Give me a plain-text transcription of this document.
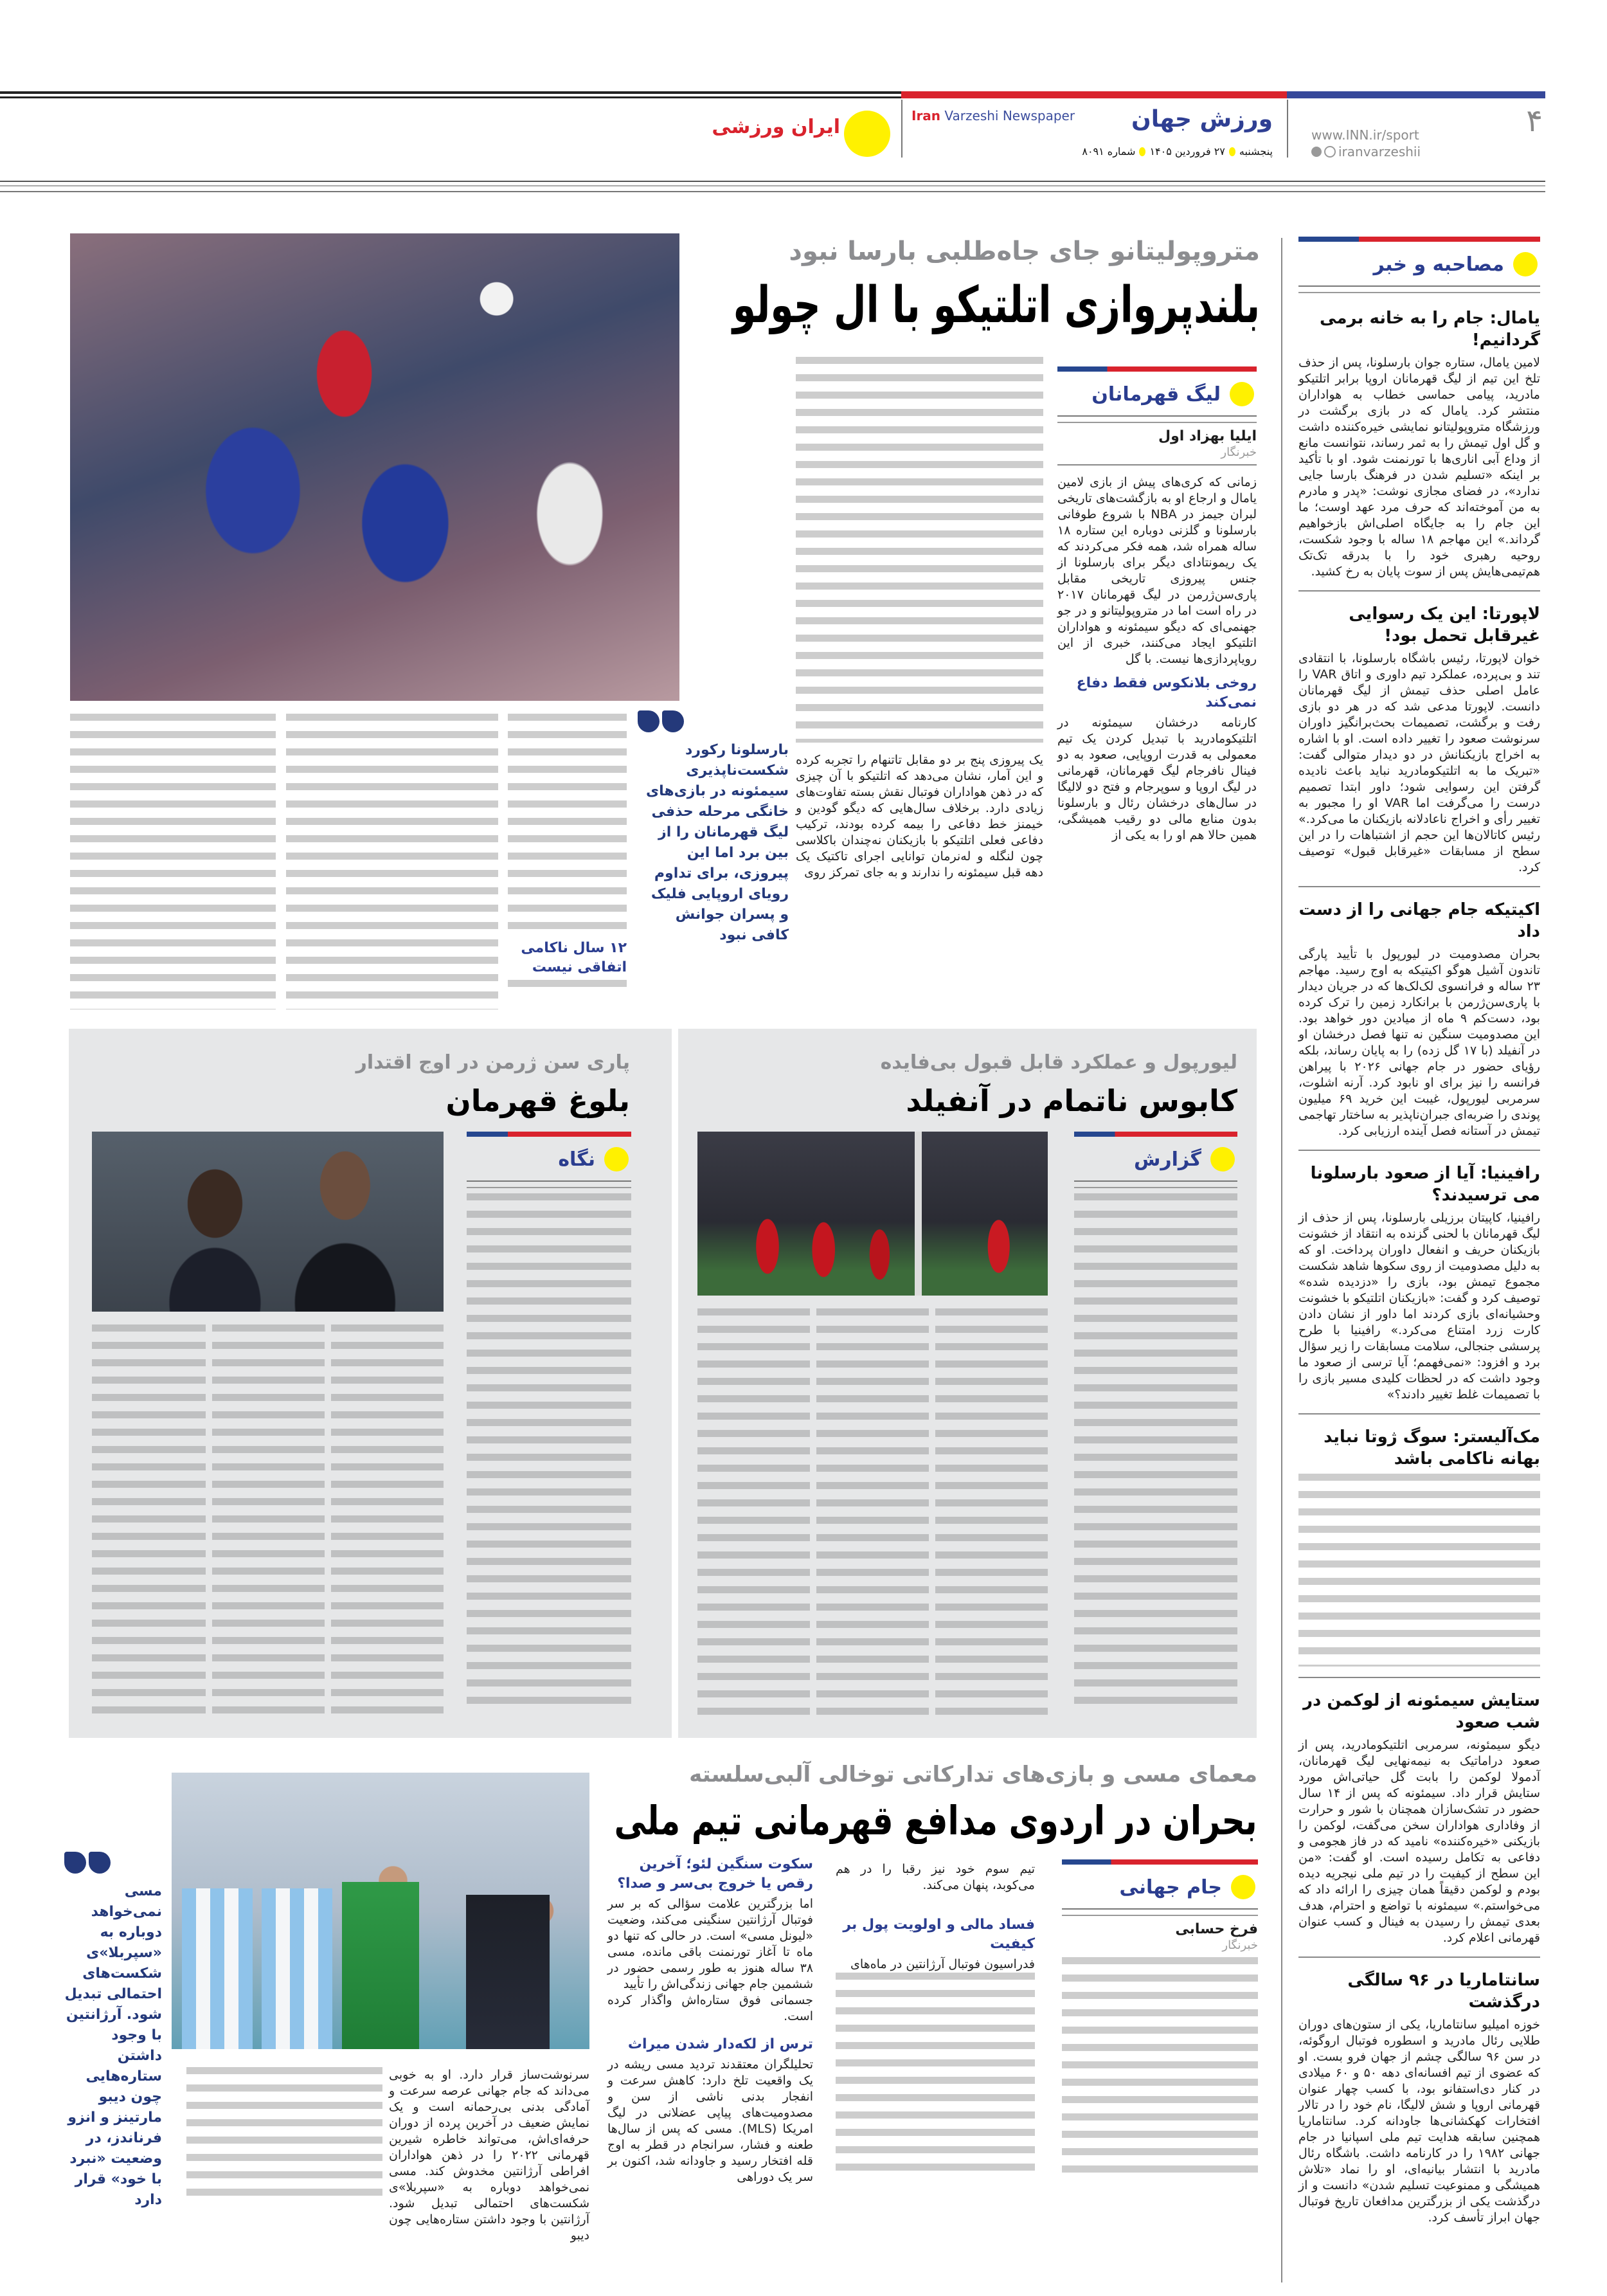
۴
www.INN.ir/sport
iranvarzeshii
ورزش جهان
پنجشنبه
۲۷ فروردین ۱۴۰۵
شماره ۸۰۹۱
Iran Varzeshi Newspaper
ایران ورزشی
مصاحبه و خبر
یامال: جام را به خانه برمی گردانیم!

لامین یامال، ستاره جوان بارسلونا، پس از حذف تلخ این تیم از لیگ قهرمانان اروپا برابر اتلتیکو مادرید، پیامی حماسی خطاب به هواداران منتشر کرد. یامال که در بازی برگشت در ورزشگاه متروپولیتانو نمایشی خیره‌کننده داشت و گل اول تیمش را به ثمر رساند، نتوانست مانع از وداع آبی اناری‌ها با تورنمنت شود. او با تأکید بر اینکه «تسلیم شدن در فرهنگ بارسا جایی ندارد»، در فضای مجازی نوشت: «پدر و مادرم به من آموخته‌اند که حرف مرد عهد اوست؛ ما این جام را به جایگاه اصلی‌اش بازخواهیم گرداند.» این مهاجم ۱۸ ساله با وجود شکست، روحیه رهبری خود را با بدرقه تک‌تک هم‌تیمی‌هایش پس از سوت پایان به رخ کشید.

لاپورتا: این یک رسوایی غیرقابل تحمل بود!

خوان لاپورتا، رئیس باشگاه بارسلونا، با انتقادی تند و بی‌پرده، عملکرد تیم داوری و اتاق VAR را عامل اصلی حذف تیمش از لیگ قهرمانان دانست. لاپورتا مدعی شد که در هر دو بازی رفت و برگشت، تصمیمات بحث‌برانگیز داوران سرنوشت صعود را تغییر داده است. او با اشاره به اخراج بازیکنانش در دو دیدار متوالی گفت: «تبریک ما به اتلتیکومادرید نباید باعث نادیده گرفتن این رسوایی شود؛ داور ابتدا تصمیم درست را می‌گرفت اما VAR او را مجبور به تغییر رأی و اخراج ناعادلانه بازیکنان ما می‌کرد.» رئیس کاتالان‌ها این حجم از اشتباهات را در این سطح از مسابقات «غیرقابل قبول» توصیف کرد.

اکیتیکه جام جهانی را از دست داد

بحران مصدومیت در لیورپول با تأیید پارگی تاندون آشیل هوگو اکیتیکه به اوج رسید. مهاجم ۲۳ ساله و فرانسوی لک‌لک‌ها که در جریان دیدار با پاری‌سن‌ژرمن با برانکارد زمین را ترک کرده بود، دست‌کم ۹ ماه از میادین دور خواهد بود. این مصدومیت سنگین نه تنها فصل درخشان او در آنفیلد (با ۱۷ گل زده) را به پایان رساند، بلکه رؤیای حضور در جام جهانی ۲۰۲۶ با پیراهن فرانسه را نیز برای او نابود کرد. آرنه اشلوت، سرمربی لیورپول، غیبت این خرید ۶۹ میلیون پوندی را ضربه‌ای جبران‌ناپذیر به ساختار تهاجمی تیمش در آستانه فصل آینده ارزیابی کرد.

رافینیا: آیا از صعود بارسلونا می ترسیدند؟

رافینیا، کاپیتان برزیلی بارسلونا، پس از حذف از لیگ قهرمانان با لحنی گزنده به انتقاد از خشونت بازیکنان حریف و انفعال داوران پرداخت. او که به دلیل مصدومیت از روی سکوها شاهد شکست مجموع تیمش بود، بازی را «دزدیده شده» توصیف کرد و گفت: «بازیکنان اتلتیکو با خشونت وحشیانه‌ای بازی کردند اما داور از نشان دادن کارت زرد امتناع می‌کرد.» رافینیا با طرح پرسشی جنجالی، سلامت مسابقات را زیر سؤال برد و افزود: «نمی‌فهمم؛ آیا ترسی از صعود ما وجود داشت که در لحظات کلیدی مسیر بازی را با تصمیمات غلط تغییر دادند؟»

مک‌آلیستر: سوگ ژوتا نباید بهانه ناکامی باشد
ستایش سیمئونه از لوکمن در شب صعود

دیگو سیمئونه، سرمربی اتلتیکومادرید، پس از صعود دراماتیک به نیمه‌نهایی لیگ قهرمانان، آدمولا لوکمن را بابت گل حیاتی‌اش مورد ستایش قرار داد. سیمئونه که پس از ۱۴ سال حضور در تشک‌سازان همچنان با شور و حرارت از وفاداری هواداران سخن می‌گفت، لوکمن را بازیکنی «خیره‌کننده» نامید که در فاز هجومی و دفاعی به تکامل رسیده است. او گفت: «من این سطح از کیفیت را در تیم ملی نیجریه دیده بودم و لوکمن دقیقاً همان چیزی را ارائه داد که می‌خواستم.» سیمئونه با تواضع و احترام، هدف بعدی تیمش را رسیدن به فینال و کسب عنوان قهرمانی اعلام کرد.

سانتاماریا در ۹۶ سالگی درگذشت

خوزه امیلیو سانتاماریا، یکی از ستون‌های دوران طلایی رئال مادرید و اسطوره فوتبال اروگوئه، در سن ۹۶ سالگی چشم از جهان فرو بست. او که عضوی از تیم افسانه‌ای دهه ۵۰ و ۶۰ میلادی در کنار دی‌استفانو بود، با کسب چهار عنوان قهرمانی اروپا و شش لالیگا، نام خود را در تالار افتخارات کهکشانی‌ها جاودانه کرد. سانتاماریا همچنین سابقه هدایت تیم ملی اسپانیا در جام جهانی ۱۹۸۲ را در کارنامه داشت. باشگاه رئال مادرید با انتشار بیانیه‌ای، او را نماد «تلاش همیشگی و ممنوعیت تسلیم شدن» دانست و از درگذشت یکی از بزرگترین مدافعان تاریخ فوتبال جهان ابراز تأسف کرد.

متروپولیتانو جای جاه‌طلبی بارسا نبود
بلندپروازی اتلتیکو با ال چولو
لیگ قهرمانان
ایلیا بهزاد اول
خبرنگار

زمانی که کری‌های پیش از بازی لامین یامال و ارجاع او به بازگشت‌های تاریخی لبران جیمز در NBA با شروع طوفانی بارسلونا و گلزنی دوباره این ستاره ۱۸ ساله همراه شد، همه فکر می‌کردند که یک ریمونتادای دیگر برای بارسلونا از جنس پیروزی تاریخی مقابل پاری‌سن‌ژرمن در لیگ قهرمانان ۲۰۱۷ در راه است اما در متروپولیتانو و در جو جهنمی‌ای که دیگو سیمئونه و هواداران اتلتیکو ایجاد می‌کنند، خبری از این رویاپردازی‌ها نیست. با گل

روخی بلانکوس فقط دفاع نمی‌کند

کارنامه درخشان سیمئونه در اتلتیکومادرید با تبدیل کردن یک تیم معمولی به قدرت اروپایی، صعود به دو فینال نافرجام لیگ قهرمانان، قهرمانی در لیگ اروپا و سوپرجام و فتح دو لالیگا در سال‌های درخشان رئال و بارسلونا بدون منابع مالی دو رقیب همیشگی، همین حالا هم او را به یکی از

یک پیروزی پنج بر دو مقابل تاتنهام را تجربه کرده و این آمار، نشان می‌دهد که اتلتیکو با آن چیزی که در ذهن هواداران فوتبال نقش بسته تفاوت‌های زیادی دارد. برخلاف سال‌هایی که دیگو گودین و خیمنز خط دفاعی را بیمه کرده بودند، ترکیب دفاعی فعلی اتلتیکو با بازیکنان نه‌چندان باکلاسی چون لنگله و له‌نرمان توانایی اجرای تاکتیک یک دهه قبل سیمئونه را ندارند و به جای تمرکز روی

بارسلونا رکورد شکست‌ناپذیری سیمئونه در بازی‌های خانگی مرحله حذفی لیگ قهرمانان را از بین برد اما این پیروزی، برای تداوم رویای اروپایی فلیک و پسران جوانش کافی نبود
۱۲ سال ناکامی اتفاقی نیست
پاری سن ژرمن در اوج اقتدار
بلوغ قهرمان
نگاه
لیورپول و عملکرد قابل قبول بی‌فایده
کابوس ناتمام در آنفیلد
گزارش
معمای مسی و بازی‌های تدارکاتی توخالی آلبی‌سلسته
بحران در اردوی مدافع قهرمانی تیم ملی
جام جهانی
فرخ حسابی
خبرنگار

تیم سوم خود نیز رقبا را در هم می‌کوبد، پنهان می‌کند.

فساد مالی و اولویت پول بر کیفیت

فدراسیون فوتبال آرژانتین در ماه‌های

سکوت سنگین لئو؛ آخرین رقص یا خروج بی‌سر و صدا؟

اما بزرگترین علامت سؤالی که بر سر فوتبال آرژانتین سنگینی می‌کند، وضعیت «لیونل مسی» است. در حالی که تنها دو ماه تا آغاز تورنمنت باقی مانده، مسی ۳۸ ساله هنوز به طور رسمی حضور در ششمین جام جهانی زندگی‌اش را تأیید

جسمانی فوق ستاره‌اش واگذار کرده است.

ترس از لکه‌دار شدن میراث

تحلیلگران معتقدند تردید مسی ریشه در یک واقعیت تلخ دارد: کاهش سرعت و انفجار بدنی ناشی از سن و مصدومیت‌های پیاپی عضلانی در لیگ امریکا (MLS). مسی که پس از سال‌ها طعنه و فشار، سرانجام در قطر به اوج قله افتخار رسید و جاودانه شد، اکنون بر سر یک دوراهی

سرنوشت‌ساز قرار دارد. او به خوبی می‌داند که جام جهانی عرصه سرعت و آمادگی بدنی بی‌رحمانه است و یک نمایش ضعیف در آخرین پرده از دوران حرفه‌ای‌اش، می‌تواند خاطره شیرین قهرمانی ۲۰۲۲ را در ذهن هواداران افراطی آرژانتین مخدوش کند. مسی نمی‌خواهد دوباره به «سپربلا»ی شکست‌های احتمالی تبدیل شود. آرژانتین با وجود داشتن ستاره‌هایی چون دیبو

مسی نمی‌خواهد دوباره به «سپربلا»ی شکست‌های احتمالی تبدیل شود. آرژانتین با وجود داشتن ستاره‌هایی چون دیبو مارتینز و انزو فرناندز، در وضعیت «نبرد با خود» قرار دارد
